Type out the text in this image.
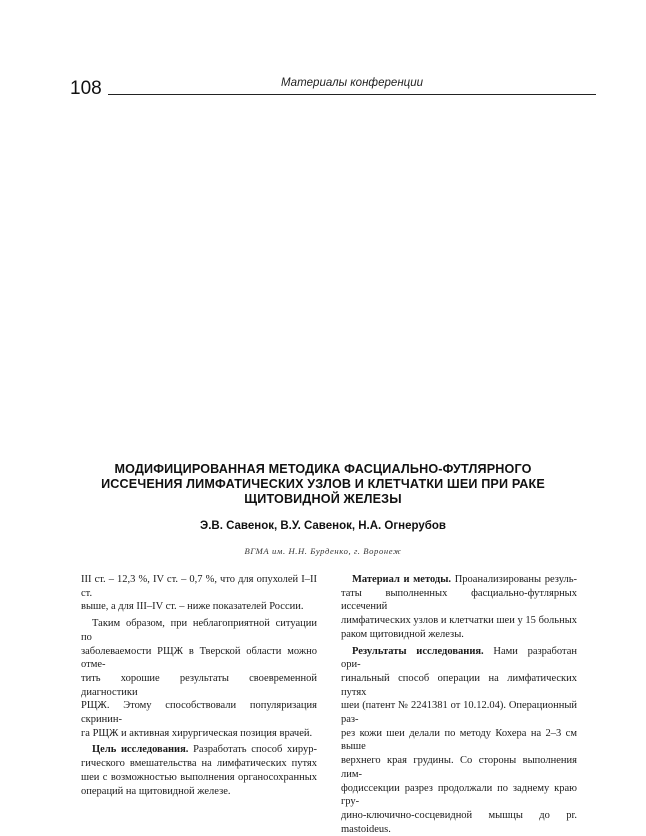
108	Материалы конференции
МОДИФИЦИРОВАННАЯ МЕТОДИКА ФАСЦИАЛЬНО-ФУТЛЯРНОГО
ИССЕЧЕНИЯ ЛИМФАТИЧЕСКИХ УЗЛОВ И КЛЕТЧАТКИ ШЕИ ПРИ РАКЕ
ЩИТОВИДНОЙ ЖЕЛЕЗЫ
Э.В. Савенок, В.У. Савенок, Н.А. Огнерубов
ВГМА им. Н.Н. Бурденко, г. Воронеж
III ст. – 12,3 %, IV ст. – 0,7 %, что для опухолей I–II ст.
выше, а для III–IV ст. – ниже показателей России.
Таким образом, при неблагоприятной ситуации по
заболеваемости РЩЖ в Тверской области можно отме-
тить хорошие результаты своевременной диагностики
РЩЖ. Этому способствовали популяризация скринин-
га РЩЖ и активная хирургическая позиция врачей.
Цель исследования. Разработать способ хирур-
гического вмешательства на лимфатических путях
шеи с возможностью выполнения органосохранных
операций на щитовидной железе.
Материал и методы. Проанализированы резуль-
таты выполненных фасциально-футлярных иссечений
лимфатических узлов и клетчатки шеи у 15 больных
раком щитовидной железы.
Результаты исследования. Нами разработан ори-
гинальный способ операции на лимфатических путях
шеи (патент № 2241381 от 10.12.04). Операционный раз-
рез кожи шеи делали по методу Кохера на 2–3 см выше
верхнего края грудины. Со стороны выполнения лим-
фодиссекции разрез продолжали по заднему краю гру-
дино-ключично-сосцевидной мышцы до pr. mastoideus.
